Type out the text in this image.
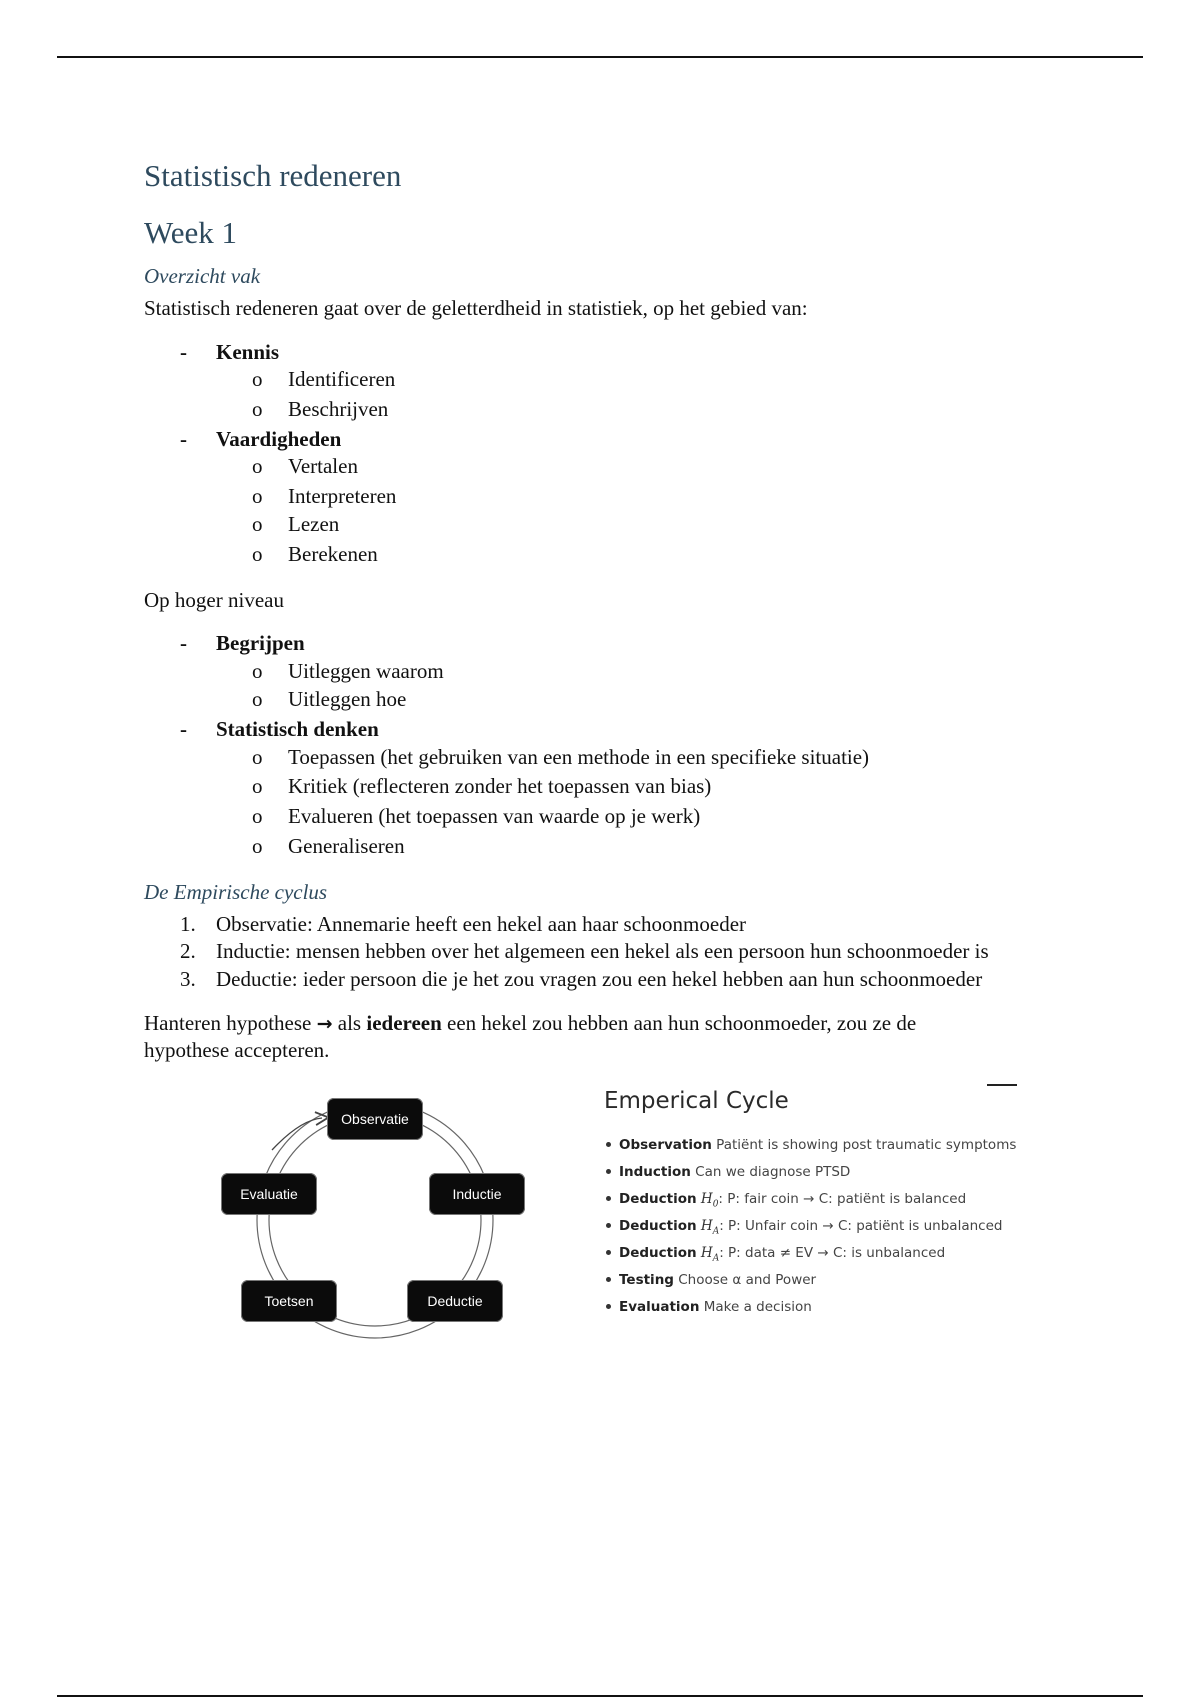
Statistisch redeneren
Week 1
Overzicht vak
Statistisch redeneren gaat over de geletterdheid in statistiek, op het gebied van:
- Kennis
o Identificeren
o Beschrijven
- Vaardigheden
o Vertalen
o Interpreteren
o Lezen
o Berekenen
Op hoger niveau
- Begrijpen
o Uitleggen waarom
o Uitleggen hoe
- Statistisch denken
o Toepassen (het gebruiken van een methode in een specifieke situatie)
o Kritiek (reflecteren zonder het toepassen van bias)
o Evalueren (het toepassen van waarde op je werk)
o Generaliseren
De Empirische cyclus
1. Observatie: Annemarie heeft een hekel aan haar schoonmoeder
2. Inductie: mensen hebben over het algemeen een hekel als een persoon hun schoonmoeder is
3. Deductie: ieder persoon die je het zou vragen zou een hekel hebben aan hun schoonmoeder
Hanteren hypothese → als iedereen een hekel zou hebben aan hun schoonmoeder, zou ze de
hypothese accepteren.
Observatie
Inductie
Deductie
Toetsen
Evaluatie
Emperical Cycle
Observation Patiënt is showing post traumatic symptoms
Induction Can we diagnose PTSD
Deduction $H_0$: P: fair coin → C: patiënt is balanced
Deduction $H_A$: P: Unfair coin → C: patiënt is unbalanced
Deduction $H_A$: P: data ≠ EV → C: is unbalanced
Testing Choose α and Power
Evaluation Make a decision
